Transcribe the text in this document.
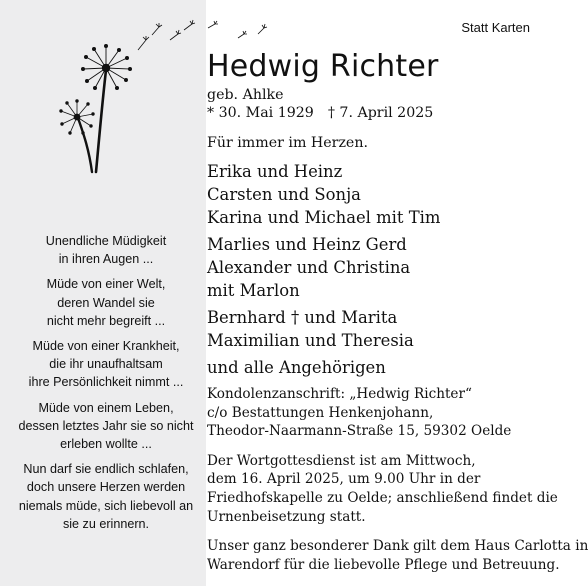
Unendliche Müdigkeit
in ihren Augen ...
Müde von einer Welt,
deren Wandel sie
nicht mehr begreift ...
Müde von einer Krankheit,
die ihr unaufhaltsam
ihre Persönlichkeit nimmt ...
Müde von einem Leben,
dessen letztes Jahr sie so nicht
erleben wollte ...
Nun darf sie endlich schlafen,
doch unsere Herzen werden
niemals müde, sich liebevoll an
sie zu erinnern.
Statt Karten
Hedwig Richter
geb. Ahlke
* 30. Mai 1929 † 7. April 2025
Für immer im Herzen.
Erika und Heinz
Carsten und Sonja
Karina und Michael mit Tim
Marlies und Heinz Gerd
Alexander und Christina
mit Marlon
Bernhard † und Marita
Maximilian und Theresia
und alle Angehörigen
Kondolenzanschrift: „Hedwig Richter“
c/o Bestattungen Henkenjohann,
Theodor-Naarmann-Straße 15, 59302 Oelde
Der Wortgottesdienst ist am Mittwoch,
dem 16. April 2025, um 9.00 Uhr in der
Friedhofskapelle zu Oelde; anschließend findet die
Urnenbeisetzung statt.
Unser ganz besonderer Dank gilt dem Haus Carlotta in
Warendorf für die liebevolle Pflege und Betreuung.
